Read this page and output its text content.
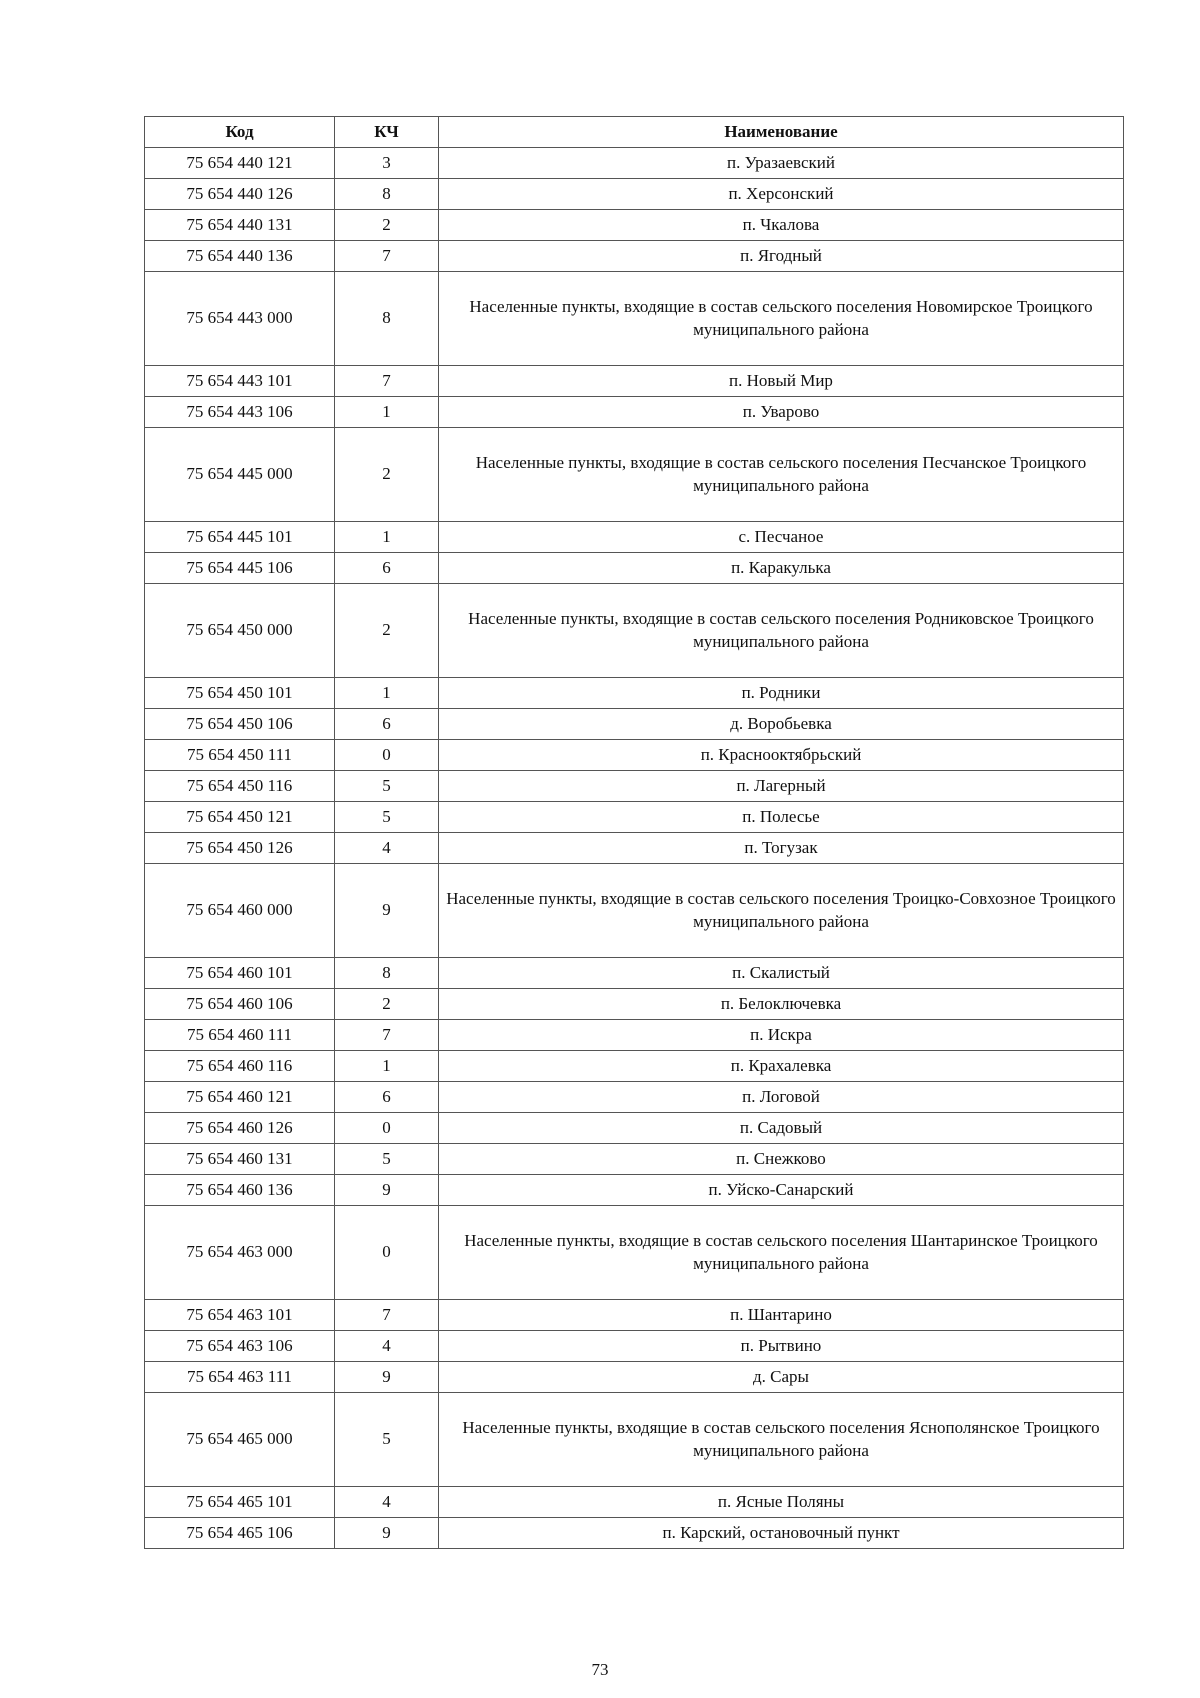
Код	КЧ	Наименование
75 654 440 121	3	п. Уразаевский
75 654 440 126	8	п. Херсонский
75 654 440 131	2	п. Чкалова
75 654 440 136	7	п. Ягодный
75 654 443 000	8	Населенные пункты, входящие в состав сельского поселения Новомирское Троицкого муниципального района
75 654 443 101	7	п. Новый Мир
75 654 443 106	1	п. Уварово
75 654 445 000	2	Населенные пункты, входящие в состав сельского поселения Песчанское Троицкого муниципального района
75 654 445 101	1	с. Песчаное
75 654 445 106	6	п. Каракулька
75 654 450 000	2	Населенные пункты, входящие в состав сельского поселения Родниковское Троицкого муниципального района
75 654 450 101	1	п. Родники
75 654 450 106	6	д. Воробьевка
75 654 450 111	0	п. Краснооктябрьский
75 654 450 116	5	п. Лагерный
75 654 450 121	5	п. Полесье
75 654 450 126	4	п. Тогузак
75 654 460 000	9	Населенные пункты, входящие в состав сельского поселения Троицко-Совхозное Троицкого муниципального района
75 654 460 101	8	п. Скалистый
75 654 460 106	2	п. Белоключевка
75 654 460 111	7	п. Искра
75 654 460 116	1	п. Крахалевка
75 654 460 121	6	п. Логовой
75 654 460 126	0	п. Садовый
75 654 460 131	5	п. Снежково
75 654 460 136	9	п. Уйско-Санарский
75 654 463 000	0	Населенные пункты, входящие в состав сельского поселения Шантаринское Троицкого муниципального района
75 654 463 101	7	п. Шантарино
75 654 463 106	4	п. Рытвино
75 654 463 111	9	д. Сары
75 654 465 000	5	Населенные пункты, входящие в состав сельского поселения Яснополянское Троицкого муниципального района
75 654 465 101	4	п. Ясные Поляны
75 654 465 106	9	п. Карский, остановочный пункт
73
